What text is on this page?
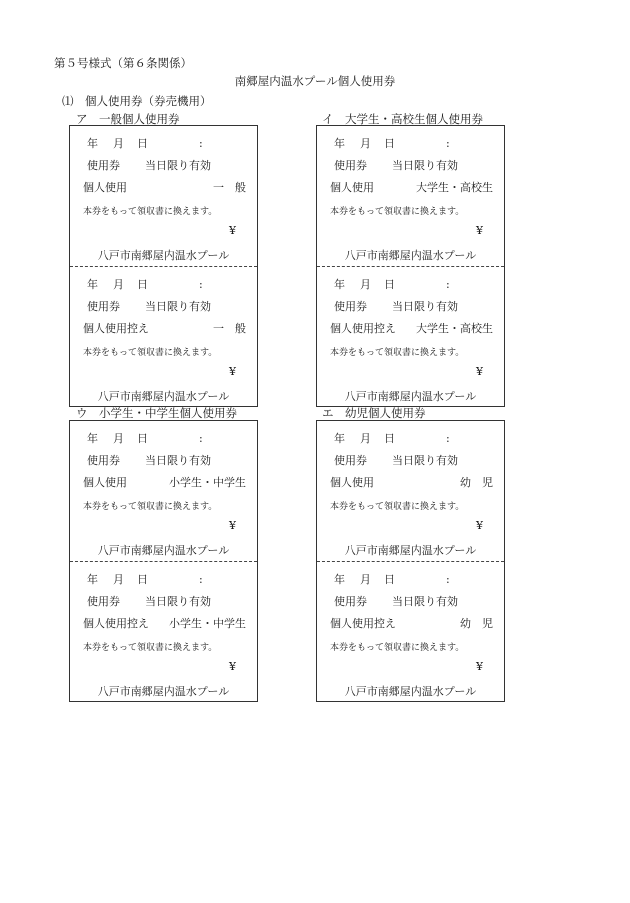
第５号様式（第６条関係）
南郷屋内温水プール個人使用券
⑴　個人使用券（券売機用）
ア　一般個人使用券
年 月 日	:
使用券 当日限り有効
個人使用	一　般
本券をもって領収書に換えます。
¥
八戸市南郷屋内温水プール
年 月 日	:
使用券 当日限り有効
個人使用控え	一　般
本券をもって領収書に換えます。
¥
八戸市南郷屋内温水プール
イ　大学生・高校生個人使用券
年 月 日	:
使用券 当日限り有効
個人使用	大学生・高校生
本券をもって領収書に換えます。
¥
八戸市南郷屋内温水プール
年 月 日	:
使用券 当日限り有効
個人使用控え 大学生・高校生
本券をもって領収書に換えます。
¥
八戸市南郷屋内温水プール
ウ　小学生・中学生個人使用券
年 月 日	:
使用券 当日限り有効
個人使用	小学生・中学生
本券をもって領収書に換えます。
¥
八戸市南郷屋内温水プール
年 月 日	:
使用券 当日限り有効
個人使用控え 小学生・中学生
本券をもって領収書に換えます。
¥
八戸市南郷屋内温水プール
エ　幼児個人使用券
年 月 日	:
使用券 当日限り有効
個人使用	幼　児
本券をもって領収書に換えます。
¥
八戸市南郷屋内温水プール
年 月 日	:
使用券 当日限り有効
個人使用控え	幼　児
本券をもって領収書に換えます。
¥
八戸市南郷屋内温水プール
